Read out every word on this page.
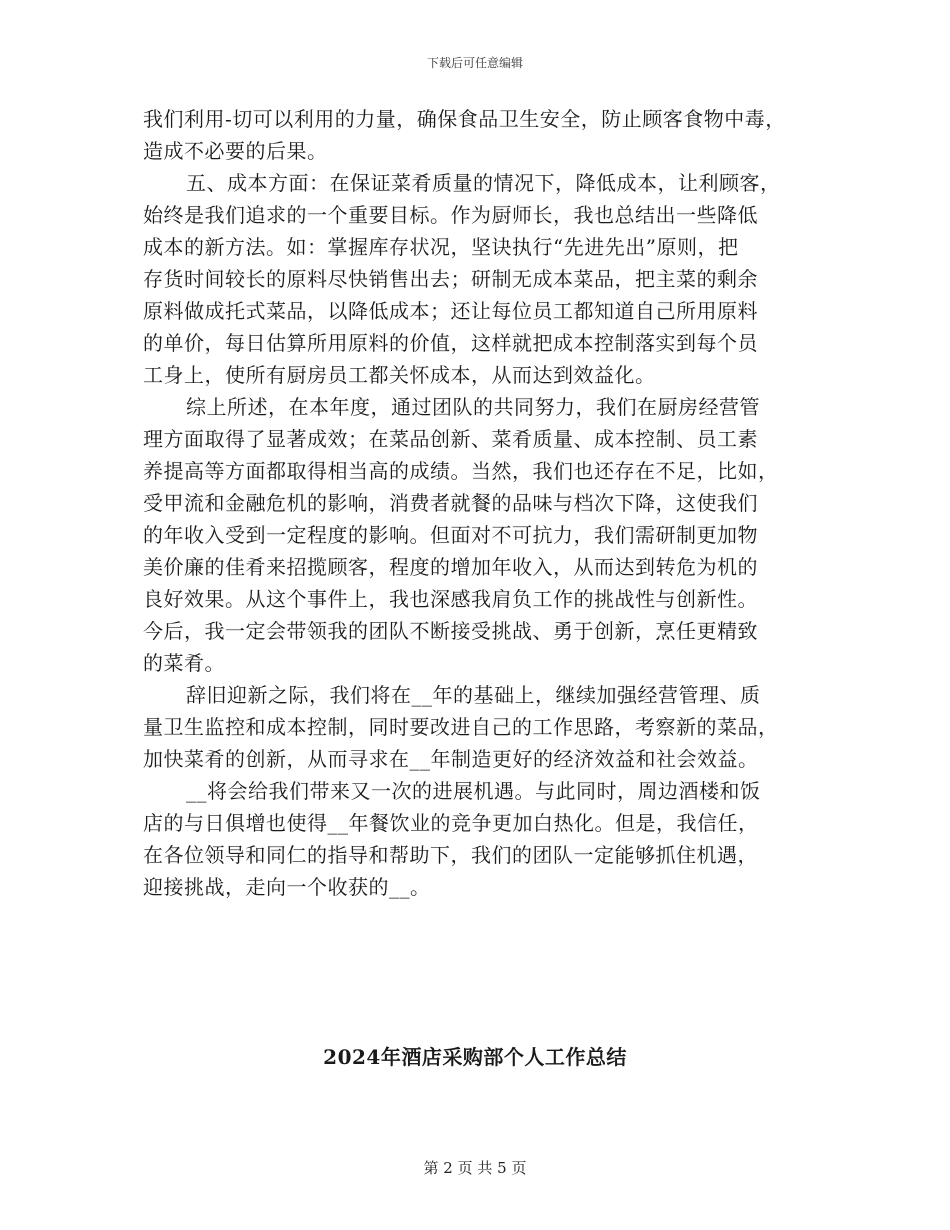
下载后可任意编辑
我们利用-切可以利用的力量，确保食品卫生安全，防止顾客食物中毒，
造成不必要的后果。
五、成本方面：在保证菜肴质量的情况下，降低成本，让利顾客，
始终是我们追求的一个重要目标。作为厨师长，我也总结出一些降低
成本的新方法。如：掌握库存状况，坚诀执行“先进先出”原则，把
存货时间较长的原料尽快销售出去；研制无成本菜品，把主菜的剩余
原料做成托式菜品，以降低成本；还让每位员工都知道自己所用原料
的单价，每日估算所用原料的价值，这样就把成本控制落实到每个员
工身上，使所有厨房员工都关怀成本，从而达到效益化。
综上所述，在本年度，通过团队的共同努力，我们在厨房经营管
理方面取得了显著成效；在菜品创新、菜肴质量、成本控制、员工素
养提高等方面都取得相当高的成绩。当然，我们也还存在不足，比如，
受甲流和金融危机的影响，消费者就餐的品味与档次下降，这使我们
的年收入受到一定程度的影响。但面对不可抗力，我们需研制更加物
美价廉的佳肴来招揽顾客，程度的增加年收入，从而达到转危为机的
良好效果。从这个事件上，我也深感我肩负工作的挑战性与创新性。
今后，我一定会带领我的团队不断接受挑战、勇于创新，烹任更精致
的菜肴。
辞旧迎新之际，我们将在__年的基础上，继续加强经营管理、质
量卫生监控和成本控制，同时要改进自己的工作思路，考察新的菜品，
加快菜肴的创新，从而寻求在__年制造更好的经济效益和社会效益。
__将会给我们带来又一次的进展机遇。与此同时，周边酒楼和饭
店的与日俱增也使得__年餐饮业的竞争更加白热化。但是，我信任，
在各位领导和同仁的指导和帮助下，我们的团队一定能够抓住机遇，
迎接挑战，走向一个收获的__。
2024年酒店采购部个人工作总结
第 2 页 共 5 页
